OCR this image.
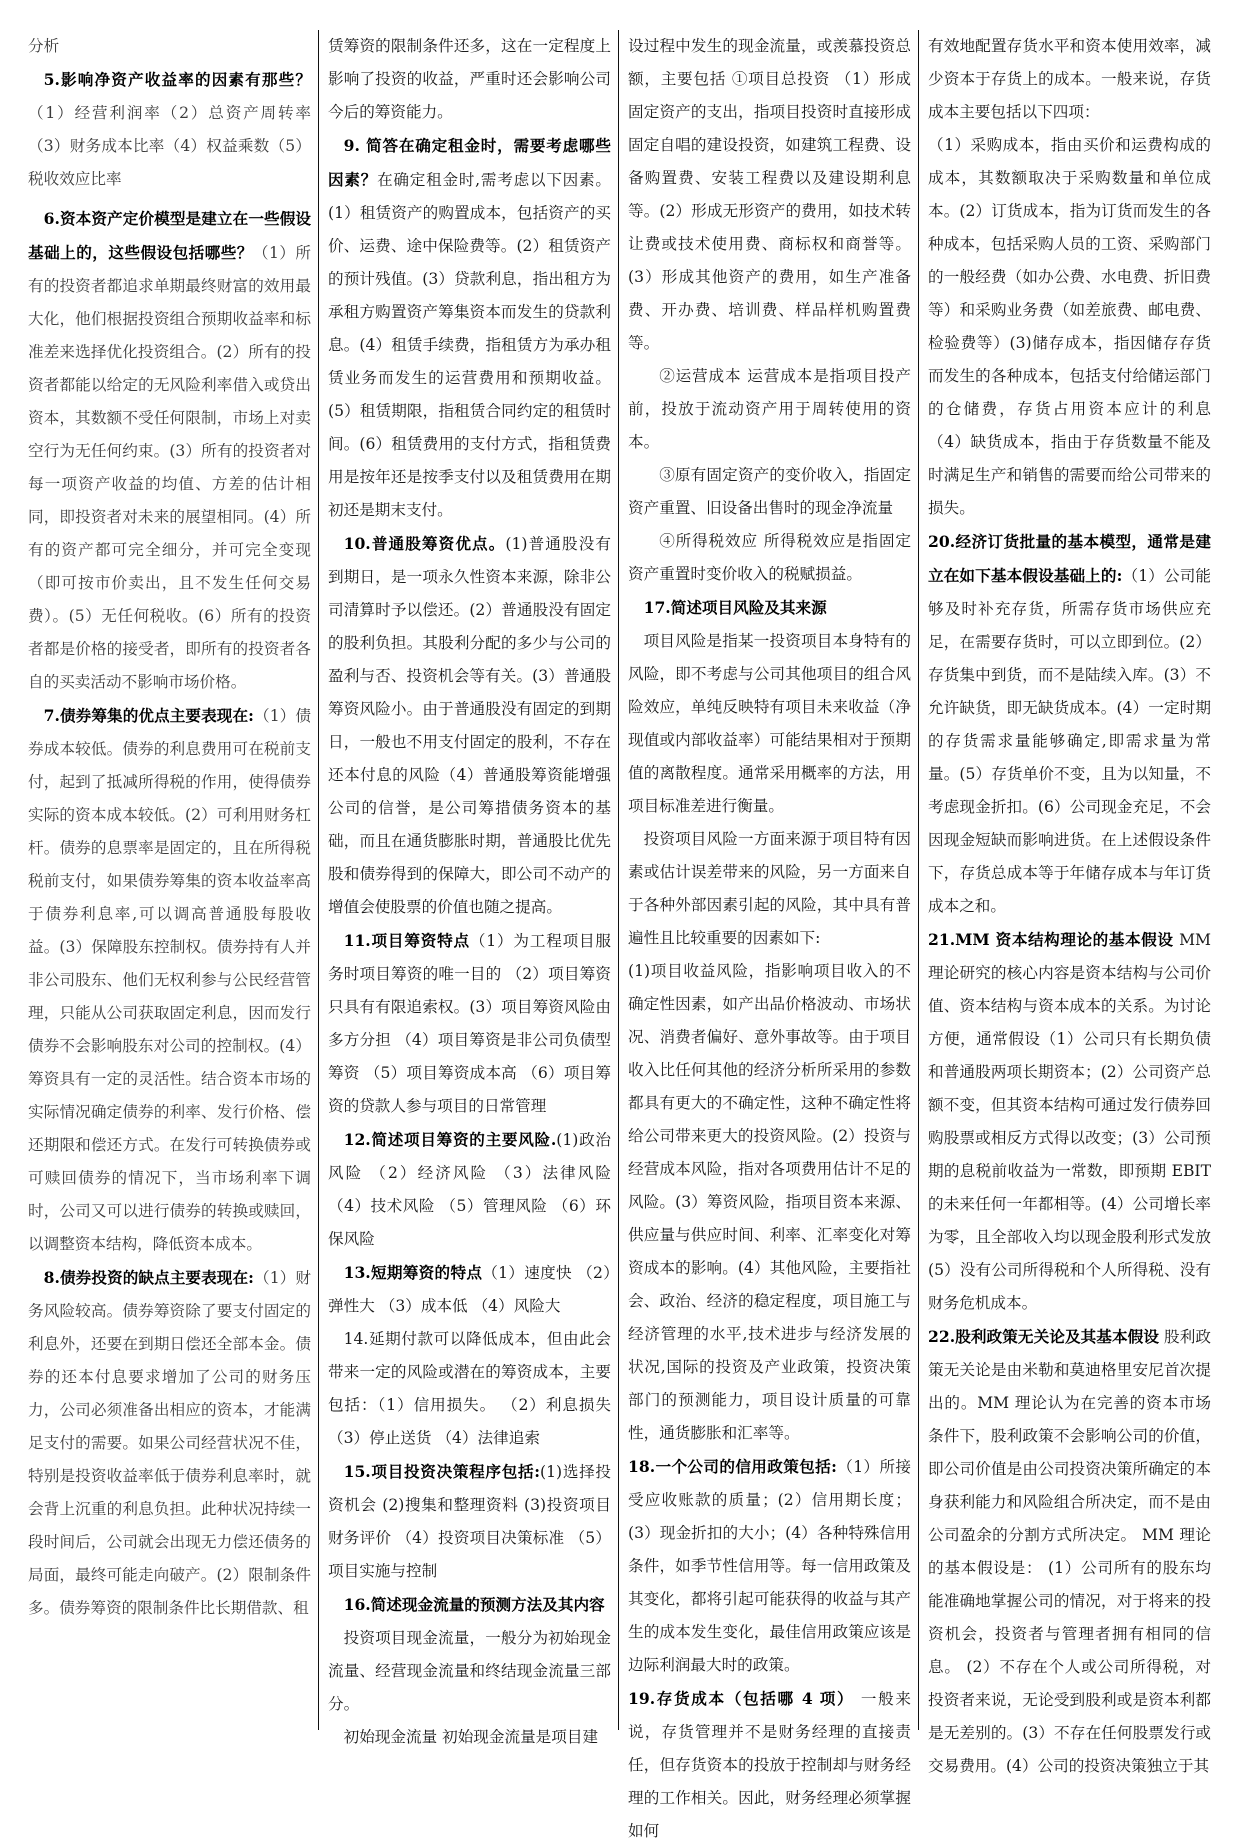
分析

5.影响净资产收益率的因素有那些？（1）经营利润率（2）总资产周转率（3）财务成本比率（4）权益乘数（5）税收效应比率

6.资本资产定价模型是建立在一些假设基础上的，这些假设包括哪些？（1）所有的投资者都追求单期最终财富的效用最大化，他们根据投资组合预期收益率和标准差来选择优化投资组合。(2）所有的投资者都能以给定的无风险利率借入或贷出资本，其数额不受任何限制，市场上对卖空行为无任何约束。(3）所有的投资者对每一项资产收益的均值、方差的估计相同，即投资者对未来的展望相同。(4）所有的资产都可完全细分，并可完全变现（即可按市价卖出，且不发生任何交易费）。(5）无任何税收。(6）所有的投资者都是价格的接受者，即所有的投资者各自的买卖活动不影响市场价格。

7.债券筹集的优点主要表现在:（1）债券成本较低。债券的利息费用可在税前支付，起到了抵减所得税的作用，使得债券实际的资本成本较低。(2）可利用财务杠杆。债券的息票率是固定的，且在所得税税前支付，如果债券筹集的资本收益率高于债券利息率,可以调高普通股每股收益。(3）保障股东控制权。债券持有人并非公司股东、他们无权利参与公民经营管理，只能从公司获取固定利息，因而发行债券不会影响股东对公司的控制权。(4）筹资具有一定的灵活性。结合资本市场的实际情况确定债券的利率、发行价格、偿还期限和偿还方式。在发行可转换债券或可赎回债券的情况下，当市场利率下调时，公司又可以进行债券的转换或赎回，以调整资本结构，降低资本成本。

8.债券投资的缺点主要表现在:（1）财务风险较高。债券筹资除了要支付固定的利息外，还要在到期日偿还全部本金。债券的还本付息要求增加了公司的财务压力，公司必须准备出相应的资本，才能满足支付的需要。如果公司经营状况不佳，特别是投资收益率低于债券利息率时，就会背上沉重的利息负担。此种状况持续一段时间后，公司就会出现无力偿还债务的局面，最终可能走向破产。(2）限制条件多。债券筹资的限制条件比长期借款、租

赁筹资的限制条件还多，这在一定程度上影响了投资的收益，严重时还会影响公司今后的筹资能力。

9. 简答在确定租金时，需要考虑哪些因素？在确定租金时,需考虑以下因素。(1）租赁资产的购置成本，包括资产的买价、运费、途中保险费等。(2）租赁资产的预计残值。(3）贷款利息，指出租方为承租方购置资产筹集资本而发生的贷款利息。(4）租赁手续费，指租赁方为承办租赁业务而发生的运营费用和预期收益。(5）租赁期限，指租赁合同约定的租赁时间。(6）租赁费用的支付方式，指租赁费用是按年还是按季支付以及租赁费用在期初还是期末支付。

10.普通股筹资优点。(1)普通股没有到期日，是一项永久性资本来源，除非公司清算时予以偿还。(2）普通股没有固定的股利负担。其股利分配的多少与公司的盈利与否、投资机会等有关。(3）普通股筹资风险小。由于普通股没有固定的到期日，一般也不用支付固定的股利，不存在还本付息的风险（4）普通股筹资能增强公司的信誉，是公司筹措债务资本的基础，而且在通货膨胀时期，普通股比优先股和债券得到的保障大，即公司不动产的增值会使股票的价值也随之提高。

11.项目筹资特点（1）为工程项目服务时项目筹资的唯一目的 （2）项目筹资只具有有限追索权。(3）项目筹资风险由多方分担 （4）项目筹资是非公司负债型筹资 （5）项目筹资成本高 （6）项目筹资的贷款人参与项目的日常管理

12.简述项目筹资的主要风险.(1)政治风险 （2）经济风险 （3）法律风险 （4）技术风险 （5）管理风险 （6）环保风险

13.短期筹资的特点（1）速度快 （2）弹性大 （3）成本低 （4）风险大

14.延期付款可以降低成本，但由此会带来一定的风险或潜在的筹资成本，主要包括：（1）信用损失。 （2）利息损失 （3）停止送货 （4）法律追索

15.项目投资决策程序包括:(1)选择投资机会 (2)搜集和整理资料 (3)投资项目财务评价 （4）投资项目决策标准 （5）项目实施与控制

16.简述现金流量的预测方法及其内容

投资项目现金流量，一般分为初始现金流量、经营现金流量和终结现金流量三部分。

初始现金流量 初始现金流量是项目建

设过程中发生的现金流量，或羡慕投资总额，主要包括 ①项目总投资 （1）形成固定资产的支出，指项目投资时直接形成固定自唱的建设投资，如建筑工程费、设备购置费、安装工程费以及建设期利息等。(2）形成无形资产的费用，如技术转让费或技术使用费、商标权和商誉等。(3）形成其他资产的费用，如生产准备费、开办费、培训费、样品样机购置费等。

②运营成本 运营成本是指项目投产前，投放于流动资产用于周转使用的资本。

③原有固定资产的变价收入，指固定资产重置、旧设备出售时的现金净流量

④所得税效应 所得税效应是指固定资产重置时变价收入的税赋损益。

17.简述项目风险及其来源

项目风险是指某一投资项目本身特有的风险，即不考虑与公司其他项目的组合风险效应，单纯反映特有项目未来收益（净现值或内部收益率）可能结果相对于预期值的离散程度。通常采用概率的方法，用项目标准差进行衡量。

投资项目风险一方面来源于项目特有因素或估计误差带来的风险，另一方面来自于各种外部因素引起的风险，其中具有普遍性且比较重要的因素如下:

(1)项目收益风险，指影响项目收入的不确定性因素，如产出品价格波动、市场状况、消费者偏好、意外事故等。由于项目收入比任何其他的经济分析所采用的参数都具有更大的不确定性，这种不确定性将给公司带来更大的投资风险。(2）投资与经营成本风险，指对各项费用估计不足的风险。(3）筹资风险，指项目资本来源、供应量与供应时间、利率、汇率变化对筹资成本的影响。(4）其他风险，主要指社会、政治、经济的稳定程度，项目施工与经济管理的水平,技术进步与经济发展的状况,国际的投资及产业政策，投资决策部门的预测能力，项目设计质量的可靠性，通货膨胀和汇率等。

18.一个公司的信用政策包括:（1）所接受应收账款的质量；(2）信用期长度；(3）现金折扣的大小；(4）各种特殊信用条件，如季节性信用等。每一信用政策及其变化，都将引起可能获得的收益与其产生的成本发生变化，最佳信用政策应该是边际利润最大时的政策。

19.存货成本（包括哪 4 项） 一般来说，存货管理并不是财务经理的直接责任，但存货资本的投放于控制却与财务经理的工作相关。因此，财务经理必须掌握如何

有效地配置存货水平和资本使用效率，减少资本于存货上的成本。一般来说，存货成本主要包括以下四项：

（1）采购成本，指由买价和运费构成的成本，其数额取决于采购数量和单位成本。(2）订货成本，指为订货而发生的各种成本，包括采购人员的工资、采购部门的一般经费（如办公费、水电费、折旧费等）和采购业务费（如差旅费、邮电费、检验费等）(3)储存成本，指因储存存货而发生的各种成本，包括支付给储运部门的仓储费，存货占用资本应计的利息 （4）缺货成本，指由于存货数量不能及时满足生产和销售的需要而给公司带来的损失。

20.经济订货批量的基本模型，通常是建立在如下基本假设基础上的:（1）公司能够及时补充存货，所需存货市场供应充足，在需要存货时，可以立即到位。(2）存货集中到货，而不是陆续入库。(3）不允许缺货，即无缺货成本。(4）一定时期的存货需求量能够确定,即需求量为常量。(5）存货单价不变，且为以知量，不考虑现金折扣。(6）公司现金充足，不会因现金短缺而影响进货。在上述假设条件下，存货总成本等于年储存成本与年订货成本之和。

21.MM 资本结构理论的基本假设 MM 理论研究的核心内容是资本结构与公司价值、资本结构与资本成本的关系。为讨论方便，通常假设（1）公司只有长期负债和普通股两项长期资本；(2）公司资产总额不变，但其资本结构可通过发行债券回购股票或相反方式得以改变；(3）公司预期的息税前收益为一常数，即预期 EBIT 的未来任何一年都相等。(4）公司增长率为零，且全部收入均以现金股利形式发放(5）没有公司所得税和个人所得税、没有财务危机成本。

22.股利政策无关论及其基本假设 股利政策无关论是由米勒和莫迪格里安尼首次提出的。MM 理论认为在完善的资本市场条件下，股利政策不会影响公司的价值，即公司价值是由公司投资决策所确定的本身获利能力和风险组合所决定，而不是由公司盈余的分割方式所决定。 MM 理论的基本假设是： (1）公司所有的股东均能准确地掌握公司的情况，对于将来的投资机会，投资者与管理者拥有相同的信息。 (2）不存在个人或公司所得税，对投资者来说，无论受到股利或是资本利都是无差别的。(3）不存在任何股票发行或交易费用。(4）公司的投资决策独立于其
